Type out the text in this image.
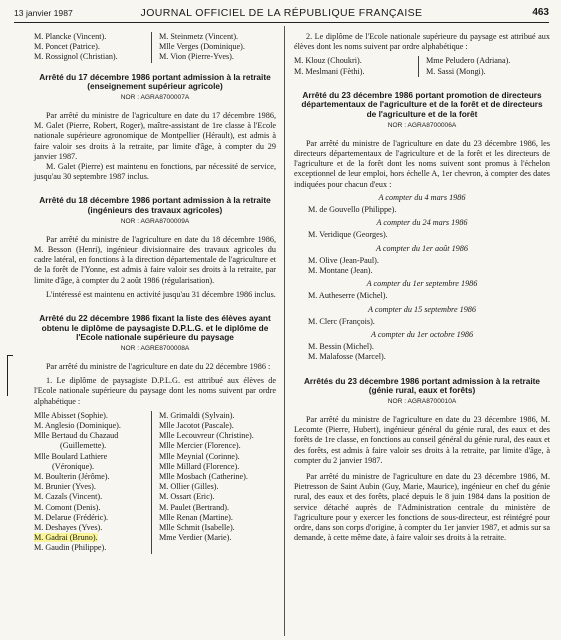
13 janvier 1987	JOURNAL OFFICIEL DE LA RÉPUBLIQUE FRANÇAISE	463
M. Plancke (Vincent).
M. Poncet (Patrice).
M. Rossignol (Christian).
M. Steinmetz (Vincent).
Mlle Verges (Dominique).
M. Vion (Pierre-Yves).
Arrêté du 17 décembre 1986 portant admission à la retraite (enseignement supérieur agricole)
NOR : AGRA8700007A

Par arrêté du ministre de l'agriculture en date du 17 décembre 1986, M. Galet (Pierre, Robert, Roger), maître-assistant de 1re classe à l'Ecole nationale supérieure agronomique de Montpellier (Hérault), est admis à faire valoir ses droits à la retraite, par limite d'âge, à compter du 29 janvier 1987.

M. Galet (Pierre) est maintenu en fonctions, par nécessité de service, jusqu'au 30 septembre 1987 inclus.

Arrêté du 18 décembre 1986 portant admission à la retraite (ingénieurs des travaux agricoles)
NOR : AGRA8700009A

Par arrêté du ministre de l'agriculture en date du 18 décembre 1986, M. Besson (Henri), ingénieur divisionnaire des travaux agricoles du cadre latéral, en fonctions à la direction départementale de l'agriculture et de la forêt de l'Yonne, est admis à faire valoir ses droits à la retraite, par limite d'âge, à compter du 2 août 1986 (régularisation).

L'intéressé est maintenu en activité jusqu'au 31 décembre 1986 inclus.

Arrêté du 22 décembre 1986 fixant la liste des élèves ayant obtenu le diplôme de paysagiste D.P.L.G. et le diplôme de l'Ecole nationale supérieure du paysage
NOR : AGRE8700008A

Par arrêté du ministre de l'agriculture en date du 22 décembre 1986 :

1. Le diplôme de paysagiste D.P.L.G. est attribué aux élèves de l'Ecole nationale supérieure du paysage dont les noms suivent par ordre alphabétique :

Mlle Abisset (Sophie).
M. Anglesio (Dominique).
Mlle Bertaud du Chazaud
(Guillemette).
Mlle Boulard Lathiere
(Véronique).
M. Boulterin (Jérôme).
M. Brunier (Yves).
M. Cazals (Vincent).
M. Comont (Denis).
M. Delarue (Frédéric).
M. Deshayes (Yves).
M. Gadrai (Bruno).
M. Gaudin (Philippe).
M. Grimaldi (Sylvain).
Mlle Jacotot (Pascale).
Mlle Lecouvreur (Christine).
Mlle Mercier (Florence).
Mlle Meynial (Corinne).
Mlle Millard (Florence).
Mlle Mosbach (Catherine).
M. Ollier (Gilles).
M. Ossart (Eric).
M. Paulet (Bertrand).
Mlle Renan (Martine).
Mlle Schmit (Isabelle).
Mme Verdier (Marie).

2. Le diplôme de l'Ecole nationale supérieure du paysage est attribué aux élèves dont les noms suivent par ordre alphabétique :

M. Klouz (Choukri).
M. Meslmani (Fèthi).
Mme Peludero (Adriana).
M. Sassi (Mongi).
Arrêté du 23 décembre 1986 portant promotion de directeurs départementaux de l'agriculture et de la forêt et de directeurs de l'agriculture et de la forêt
NOR : AGRA8700006A

Par arrêté du ministre de l'agriculture en date du 23 décembre 1986, les directeurs départementaux de l'agriculture et de la forêt et les directeurs de l'agriculture et de la forêt dont les noms suivent sont promus à l'échelon exceptionnel de leur emploi, hors échelle A, 1er chevron, à compter des dates indiquées pour chacun d'eux :

A compter du 4 mars 1986
M. de Gouvello (Philippe).
A compter du 24 mars 1986
M. Veridique (Georges).
A compter du 1er août 1986
M. Olive (Jean-Paul).
M. Montane (Jean).
A compter du 1er septembre 1986
M. Autheserre (Michel).
A compter du 15 septembre 1986
M. Clerc (François).
A compter du 1er octobre 1986
M. Bessin (Michel).
M. Malafosse (Marcel).
Arrêtés du 23 décembre 1986 portant admission à la retraite (génie rural, eaux et forêts)
NOR : AGRA8700010A

Par arrêté du ministre de l'agriculture en date du 23 décembre 1986, M. Lecomte (Pierre, Hubert), ingénieur général du génie rural, des eaux et des forêts de 1re classe, en fonctions au conseil général du génie rural, des eaux et des forêts, est admis à faire valoir ses droits à la retraite, par limite d'âge, à compter du 2 janvier 1987.

Par arrêté du ministre de l'agriculture en date du 23 décembre 1986, M. Pietresson de Saint Aubin (Guy, Marie, Maurice), ingénieur en chef du génie rural, des eaux et des forêts, placé depuis le 8 juin 1984 dans la position de service détaché auprès de l'Administration centrale du ministère de l'agriculture pour y exercer les fonctions de sous-directeur, est réintégré pour ordre, dans son corps d'origine, à compter du 1er janvier 1987, et admis sur sa demande, à cette même date, à faire valoir ses droits à la retraite.
